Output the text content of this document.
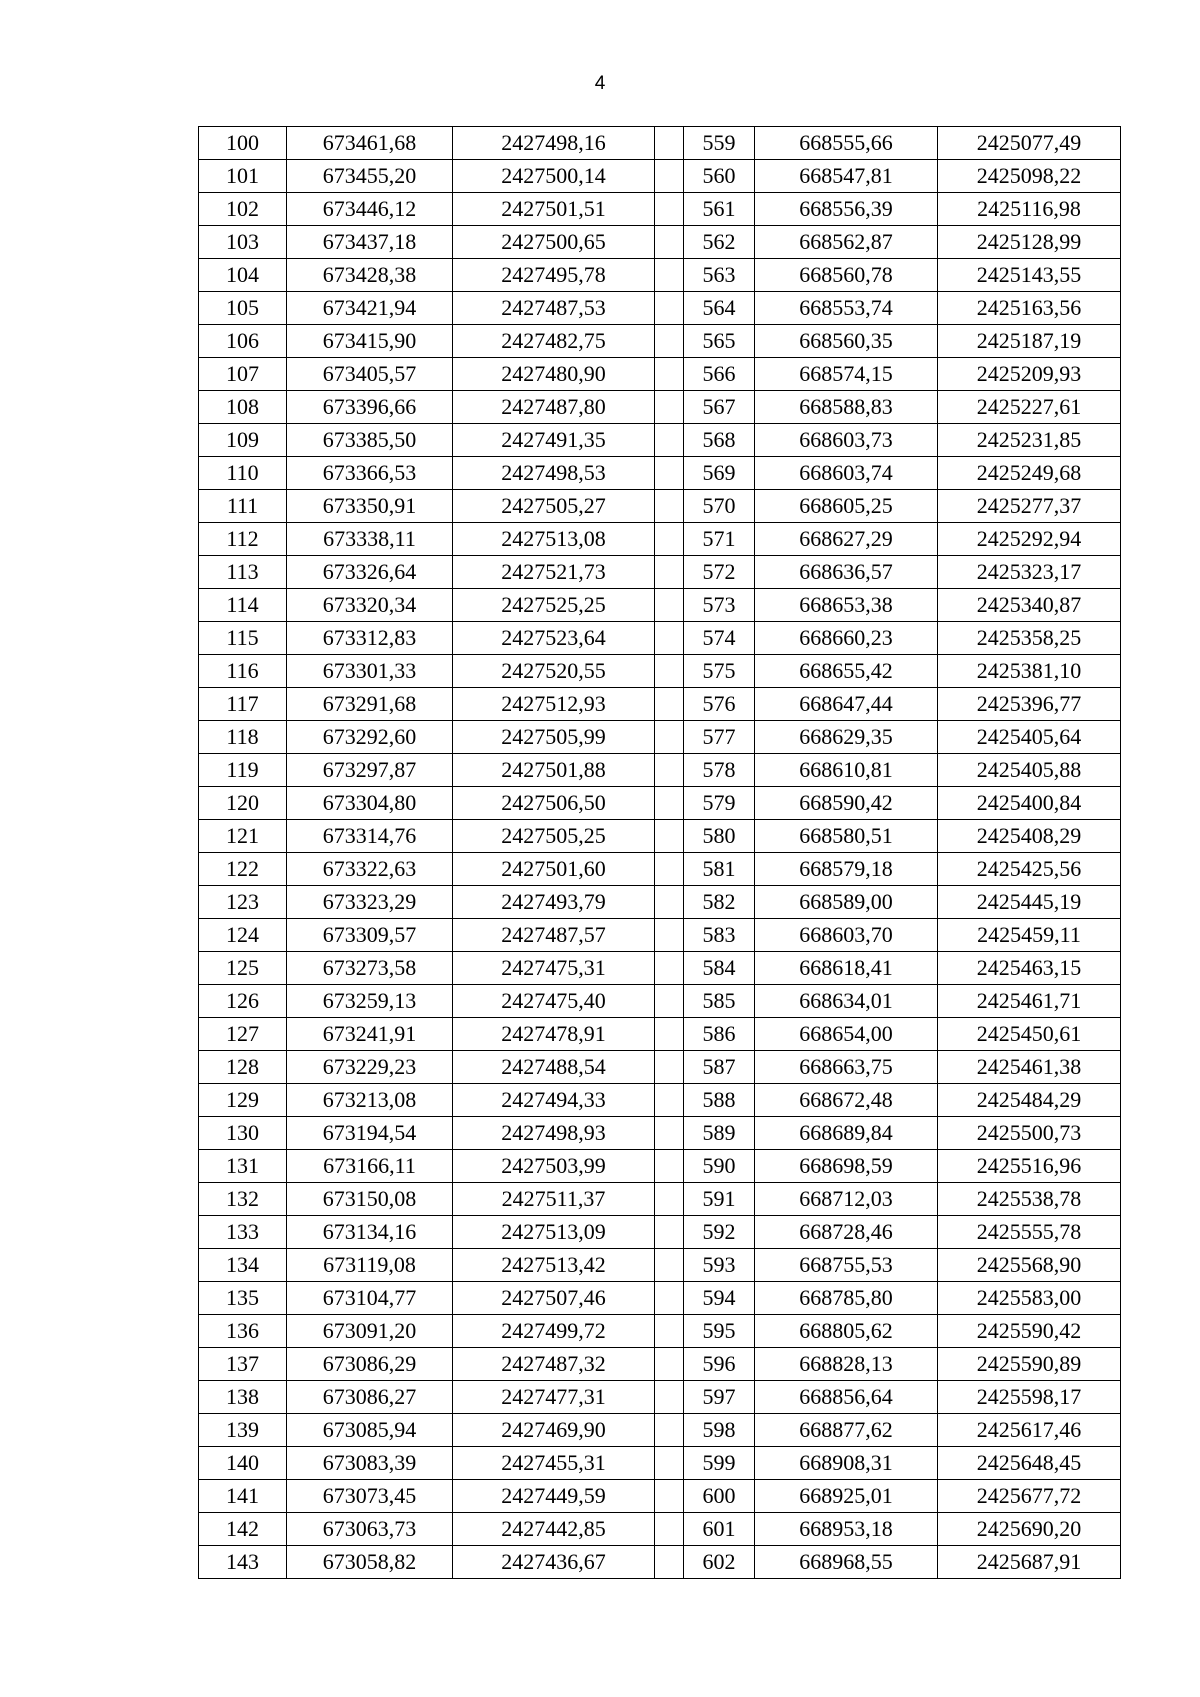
4
100	673461,68	2427498,16		559	668555,66	2425077,49
101	673455,20	2427500,14		560	668547,81	2425098,22
102	673446,12	2427501,51		561	668556,39	2425116,98
103	673437,18	2427500,65		562	668562,87	2425128,99
104	673428,38	2427495,78		563	668560,78	2425143,55
105	673421,94	2427487,53		564	668553,74	2425163,56
106	673415,90	2427482,75		565	668560,35	2425187,19
107	673405,57	2427480,90		566	668574,15	2425209,93
108	673396,66	2427487,80		567	668588,83	2425227,61
109	673385,50	2427491,35		568	668603,73	2425231,85
110	673366,53	2427498,53		569	668603,74	2425249,68
111	673350,91	2427505,27		570	668605,25	2425277,37
112	673338,11	2427513,08		571	668627,29	2425292,94
113	673326,64	2427521,73		572	668636,57	2425323,17
114	673320,34	2427525,25		573	668653,38	2425340,87
115	673312,83	2427523,64		574	668660,23	2425358,25
116	673301,33	2427520,55		575	668655,42	2425381,10
117	673291,68	2427512,93		576	668647,44	2425396,77
118	673292,60	2427505,99		577	668629,35	2425405,64
119	673297,87	2427501,88		578	668610,81	2425405,88
120	673304,80	2427506,50		579	668590,42	2425400,84
121	673314,76	2427505,25		580	668580,51	2425408,29
122	673322,63	2427501,60		581	668579,18	2425425,56
123	673323,29	2427493,79		582	668589,00	2425445,19
124	673309,57	2427487,57		583	668603,70	2425459,11
125	673273,58	2427475,31		584	668618,41	2425463,15
126	673259,13	2427475,40		585	668634,01	2425461,71
127	673241,91	2427478,91		586	668654,00	2425450,61
128	673229,23	2427488,54		587	668663,75	2425461,38
129	673213,08	2427494,33		588	668672,48	2425484,29
130	673194,54	2427498,93		589	668689,84	2425500,73
131	673166,11	2427503,99		590	668698,59	2425516,96
132	673150,08	2427511,37		591	668712,03	2425538,78
133	673134,16	2427513,09		592	668728,46	2425555,78
134	673119,08	2427513,42		593	668755,53	2425568,90
135	673104,77	2427507,46		594	668785,80	2425583,00
136	673091,20	2427499,72		595	668805,62	2425590,42
137	673086,29	2427487,32		596	668828,13	2425590,89
138	673086,27	2427477,31		597	668856,64	2425598,17
139	673085,94	2427469,90		598	668877,62	2425617,46
140	673083,39	2427455,31		599	668908,31	2425648,45
141	673073,45	2427449,59		600	668925,01	2425677,72
142	673063,73	2427442,85		601	668953,18	2425690,20
143	673058,82	2427436,67		602	668968,55	2425687,91
